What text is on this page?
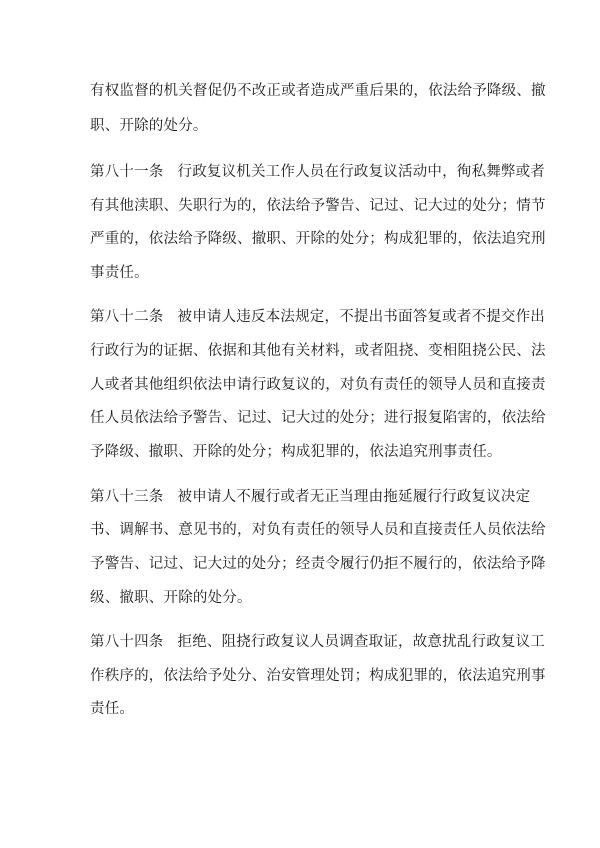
有权监督的机关督促仍不改正或者造成严重后果的，依法给予降级、撤
职、开除的处分。
第八十一条 行政复议机关工作人员在行政复议活动中，徇私舞弊或者
有其他渎职、失职行为的，依法给予警告、记过、记大过的处分；情节
严重的，依法给予降级、撤职、开除的处分；构成犯罪的，依法追究刑
事责任。
第八十二条 被申请人违反本法规定，不提出书面答复或者不提交作出
行政行为的证据、依据和其他有关材料，或者阻挠、变相阻挠公民、法
人或者其他组织依法申请行政复议的，对负有责任的领导人员和直接责
任人员依法给予警告、记过、记大过的处分；进行报复陷害的，依法给
予降级、撤职、开除的处分；构成犯罪的，依法追究刑事责任。
第八十三条 被申请人不履行或者无正当理由拖延履行行政复议决定
书、调解书、意见书的，对负有责任的领导人员和直接责任人员依法给
予警告、记过、记大过的处分；经责令履行仍拒不履行的，依法给予降
级、撤职、开除的处分。
第八十四条 拒绝、阻挠行政复议人员调查取证，故意扰乱行政复议工
作秩序的，依法给予处分、治安管理处罚；构成犯罪的，依法追究刑事
责任。
